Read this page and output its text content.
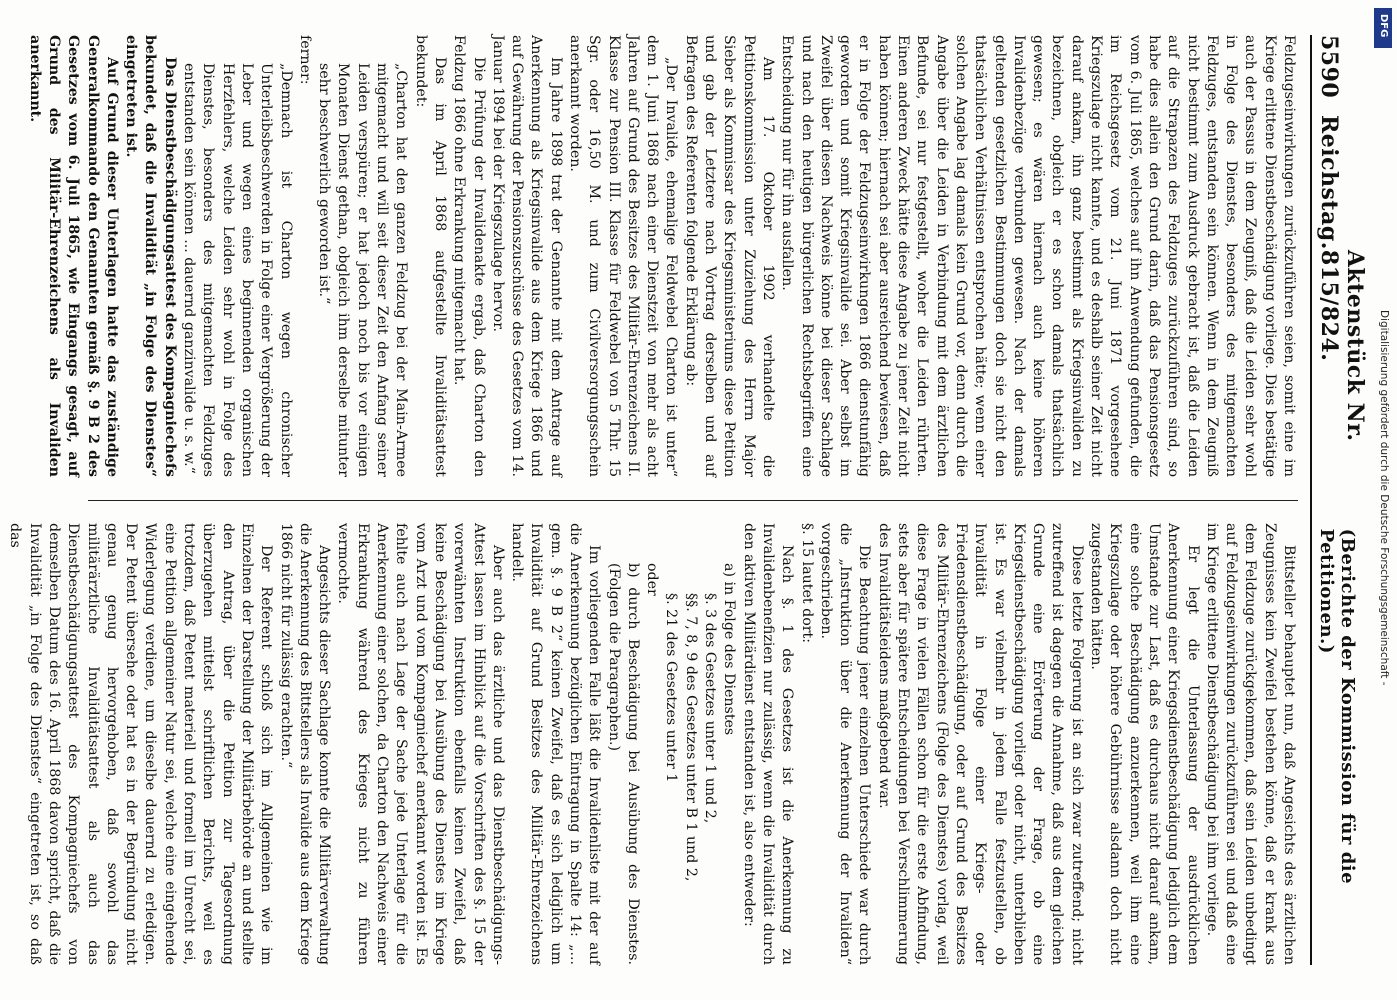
5590
Reichstag.
Aktenstück Nr. 815/824.
(Berichte der Kommission für die Petitionen.)

Feldzugseinwirkungen zurückzuführen seien, somit eine im Kriege erlittene Dienstbeschädigung vorliege. Dies bestätige auch der Passus in dem Zeugniß, daß die Leiden sehr wohl in Folge des Dienstes, besonders des mitgemachten Feldzuges, entstanden sein können. Wenn in dem Zeugniß nicht bestimmt zum Ausdruck gebracht ist, daß die Leiden auf die Strapazen des Feldzuges zurückzuführen sind, so habe dies allein den Grund darin, daß das Pensionsgesetz vom 6. Juli 1865, welches auf ihn Anwendung gefunden, die im Reichsgesetz vom 21. Juni 1871 vorgesehene Kriegszulage nicht kannte, und es deshalb seiner Zeit nicht darauf ankam, ihn ganz bestimmt als Kriegsinvaliden zu bezeichnen, obgleich er es schon damals thatsächlich gewesen; es wären hiernach auch keine höheren Invalidenbezüge verbunden gewesen. Nach der damals geltenden gesetzlichen Bestimmungen doch sie nicht den thatsächlichen Verhältnissen entsprochen hätte; wenn einer solchen Angabe lag damals kein Grund vor, denn durch die Angabe über die Leiden in Verbindung mit dem ärztlichen Befunde, sei nur festgestellt, woher die Leiden rührten. Einen anderen Zweck hätte diese Angabe zu jener Zeit nicht haben können; hiernach sei aber ausreichend bewiesen, daß er in Folge der Feldzugseinwirkungen 1866 dienstunfähig geworden und somit Kriegsinvalide sei. Aber selbst im Zweifel über diesen Nachweis könne bei dieser Sachlage und nach den heutigen bürgerlichen Rechtsbegriffen eine Entscheidung nur für ihn ausfallen.

Am 17. Oktober 1902 verhandelte die Petitionskommission unter Zuziehung des Herrn Major Sieber als Kommissar des Kriegsministeriums diese Petition und gab der Letztere nach Vortrag derselben und auf Befragen des Referenten folgende Erklärung ab:

„Der Invalide, ehemalige Feldwebel Charton ist unter“ dem 1. Juni 1868 nach einer Dienstzeit von mehr als acht Jahren auf Grund des Besitzes des Militär-Ehrenzeichens II. Klasse zur Pension III. Klasse für Feldwebel von 5 Thlr. 15 Sgr. oder 16,50 M. und zum Civilversorgungsschein anerkannt worden.

Im Jahre 1898 trat der Genannte mit dem Antrage auf Anerkennung als Kriegsinvalide aus dem Kriege 1866 und auf Gewährung der Pensionszuschüsse des Gesetzes vom 14. Januar 1894 bei der Kriegszulage hervor.

Die Prüfung der Invalidenakte ergab, daß Charton den Feldzug 1866 ohne Erkrankung mitgemacht hat.

Das im April 1868 aufgestellte Invaliditätsattest bekundet:

„Charton hat den ganzen Feldzug bei der Main-Armee mitgemacht und will seit dieser Zeit den Anfang seiner Leiden verspüren; er hat jedoch noch bis vor einigen Monaten Dienst gethan, obgleich ihm derselbe mitunter sehr beschwerlich geworden ist.“

ferner:

„Demnach ist Charton wegen chronischer Unterleibsbeschwerden in Folge einer Vergrößerung der Leber und wegen eines beginnenden organischen Herzfehlers, welche Leiden sehr wohl in Folge des Dienstes, besonders des mitgemachten Feldzuges entstanden sein können ... dauernd ganzinvalide u. s. w.“

Das Dienstbeschädigungsattest des Kompagniechefs bekundet, daß die Invalidität „in Folge des Dienstes“ eingetreten ist.

Auf Grund dieser Unterlagen hatte das zuständige Generalkommando den Genannten gemäß §. 9 B 2 des Gesetzes vom 6. Juli 1865, wie Eingangs gesagt, auf Grund des Militär-Ehrenzeichens als Invaliden anerkannt.

Bittsteller behauptet nun, daß Angesichts des ärztlichen Zeugnisses kein Zweifel bestehen könne, daß er krank aus dem Feldzuge zurückgekommen, daß sein Leiden unbedingt auf Feldzugseinwirkungen zurückzuführen sei und daß eine im Kriege erlittene Dienstbeschädigung bei ihm vorliege.

Er legt die Unterlassung der ausdrücklichen Anerkennung einer Kriegsdienstbeschädigung lediglich dem Umstande zur Last, daß es durchaus nicht darauf ankam, eine solche Beschädigung anzuerkennen, weil ihm eine Kriegszulage oder höhere Gebührnisse alsdann doch nicht zugestanden hätten.

Diese letzte Folgerung ist an sich zwar zutreffend; nicht zutreffend ist dagegen die Annahme, daß aus dem gleichen Grunde eine Erörterung der Frage, ob eine Kriegsdienstbeschädigung vorliegt oder nicht, unterblieben ist. Es war vielmehr in jedem Falle festzustellen, ob Invalidität in Folge einer Kriegs- oder Friedensdienstbeschädigung, oder auf Grund des Besitzes des Militär-Ehrenzeichens (Folge des Dienstes) vorlag, weil diese Frage in vielen Fällen schon für die erste Abfindung, stets aber für spätere Entscheidungen bei Verschlimmerung des Invaliditätsleidens maßgebend war.

Die Beachtung jener einzelnen Unterschiede war durch die „Instruktion über die Anerkennung der Invaliden“ vorgeschrieben.

§. 15 lautet dort:

Nach §. 1 des Gesetzes ist die Anerkennung zu Invalidenbenefizien nur zulässig, wenn die Invalidität durch den aktiven Militärdienst entstanden ist, also entweder:

a) in Folge des Dienstes

§. 3 des Gesetzes unter 1 und 2,

§§. 7, 8, 9 des Gesetzes unter B 1 und 2,

§. 21 des Gesetzes unter 1

oder

b) durch Beschädigung bei Ausübung des Dienstes. (Folgen die Paragraphen.)

Im vorliegenden Falle läßt die Invalidenliste mit der auf die Anerkennung bezüglichen Eintragung in Spalte 14: „... gem. §. 9 B 2“ keinen Zweifel, daß es sich lediglich um Invalidität auf Grund Besitzes des Militär-Ehrenzeichens handelt.

Aber auch das ärztliche und das Dienstbeschädigungs-Attest lassen im Hinblick auf die Vorschriften des §. 15 der vorerwähnten Instruktion ebenfalls keinen Zweifel, daß keine Beschädigung bei Ausübung des Dienstes im Kriege vom Arzt und vom Kompagniechef anerkannt worden ist. Es fehlte auch nach Lage der Sache jede Unterlage für die Anerkennung einer solchen, da Charton den Nachweis einer Erkrankung während des Krieges nicht zu führen vermochte.

Angesichts dieser Sachlage konnte die Militärverwaltung die Anerkennung des Bittstellers als Invalide aus dem Kriege 1866 nicht für zulässig erachten.“

Der Referent schloß sich im Allgemeinen wie im Einzelnen der Darstellung der Militärbehörde an und stellte den Antrag, über die Petition zur Tagesordnung überzugehen mittelst schriftlichen Berichts, weil es trotzdem, daß Petent materiell und formell im Unrecht sei, eine Petition allgemeiner Natur sei, welche eine eingehende Widerlegung verdiene, um dieselbe dauernd zu erledigen. Der Petent übersehe oder hat es in der Begründung nicht genau genug hervorgehoben, daß sowohl das militärärztliche Invaliditätsattest als auch das Dienstbeschädigungsattest des Kompagniechefs von demselben Datum des 16. April 1868 davon spricht, daß die Invalidität „in Folge des Dienstes“ eingetreten ist, so daß das

DFG
Digitalisierung gefördert durch die Deutsche Forschungsgemeinschaft -
